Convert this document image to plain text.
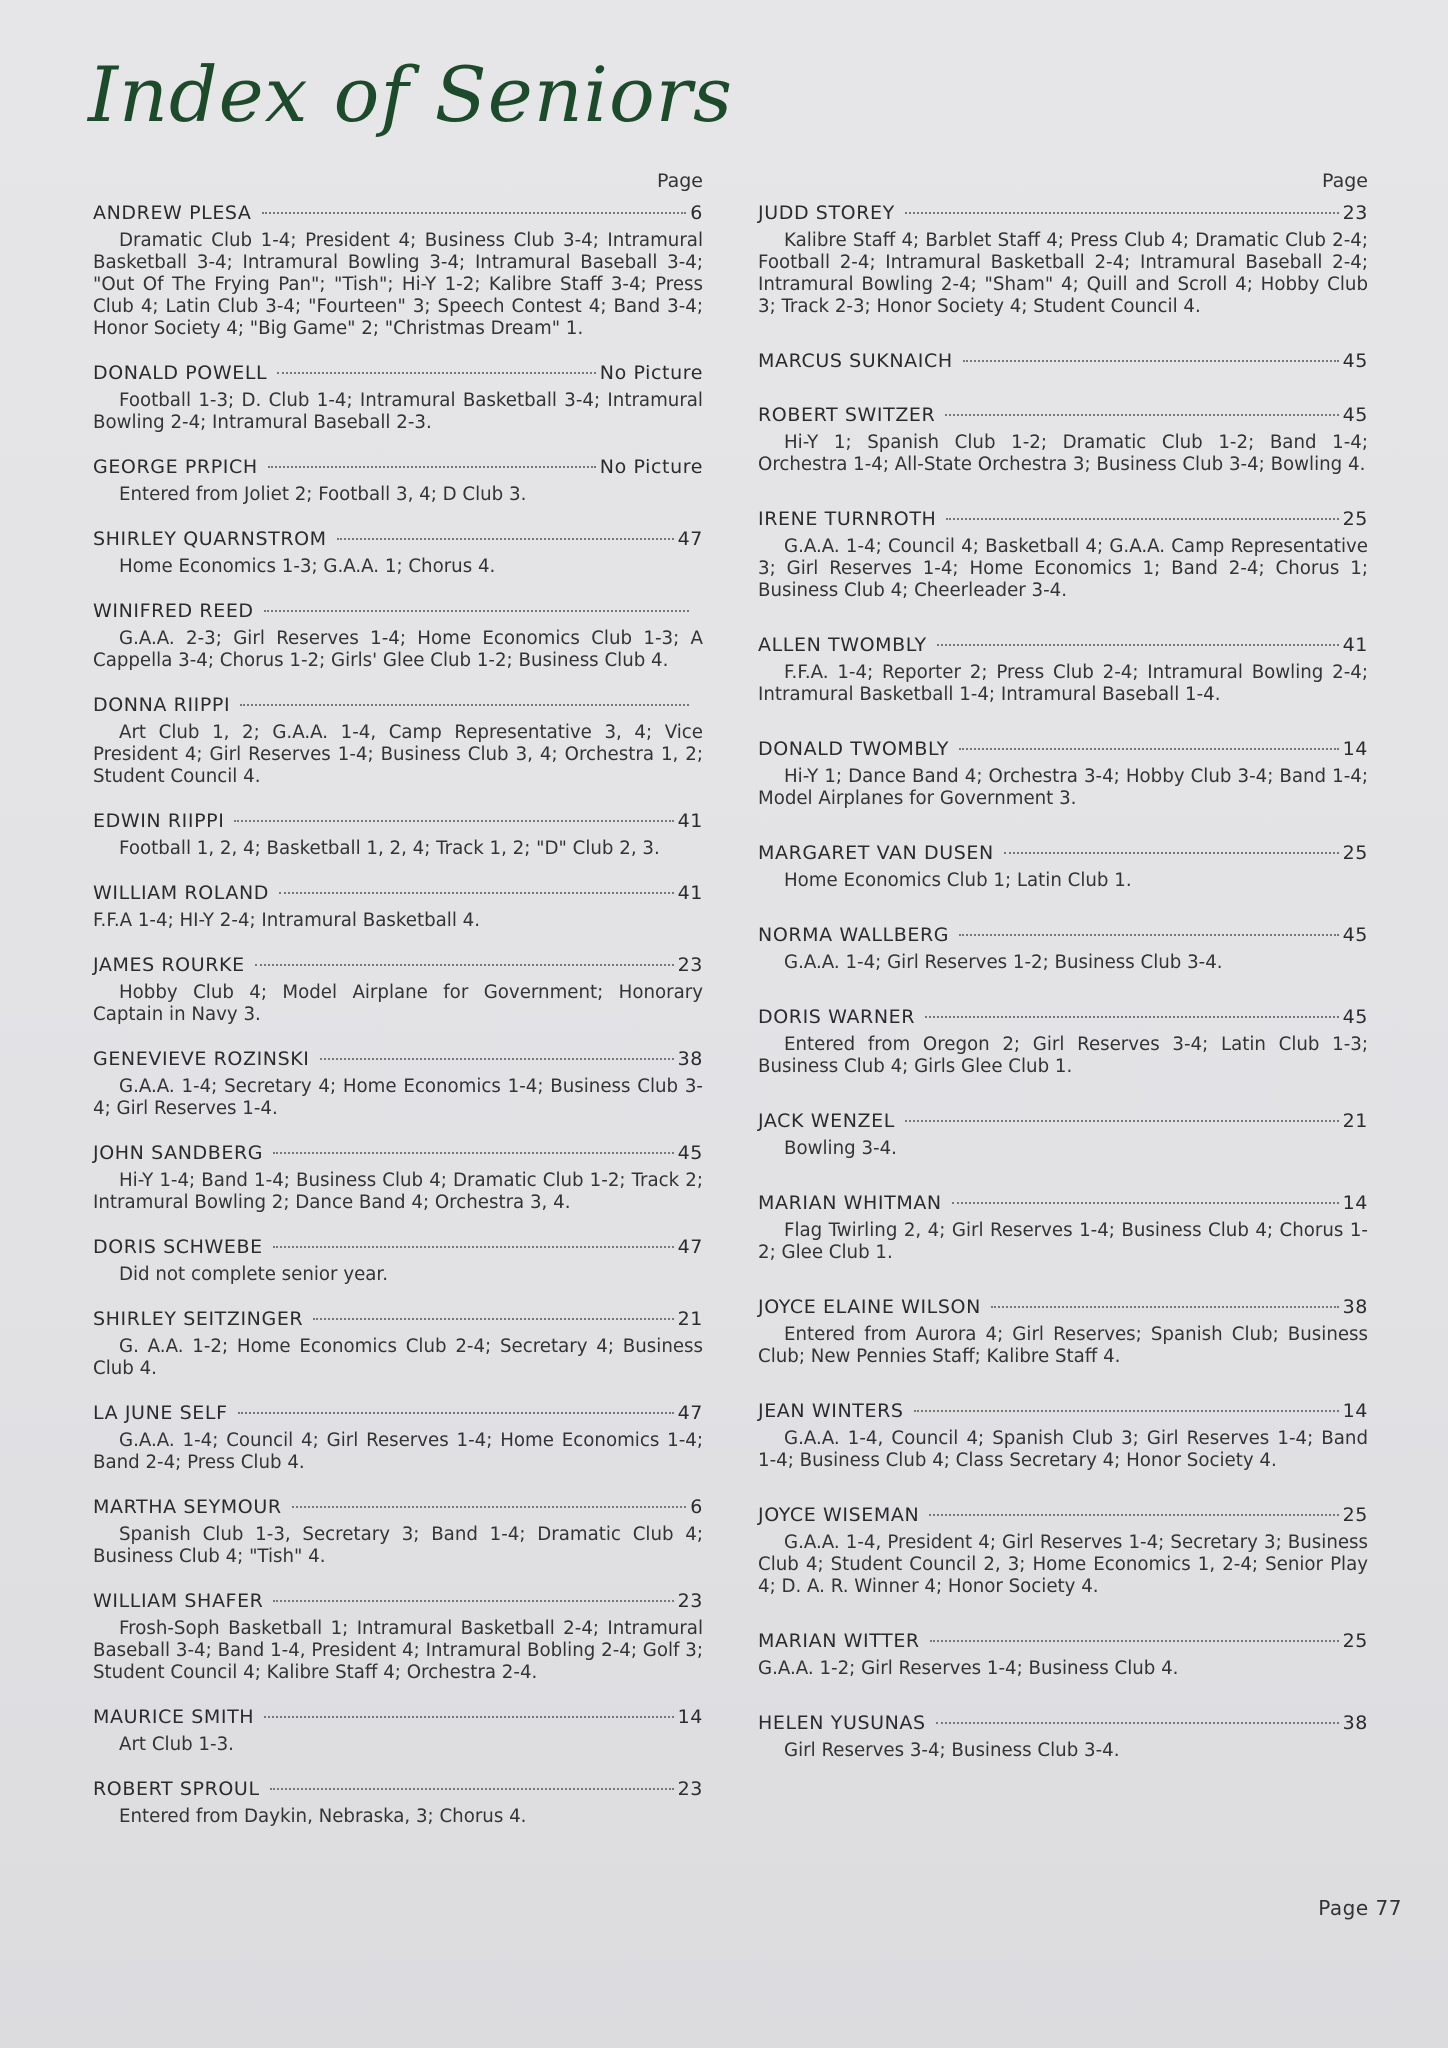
Index of Seniors
Page
ANDREW PLESA	6
Dramatic Club 1-4; President 4; Business Club 3-4; Intramural Basketball 3-4; Intramural Bowling 3-4; Intramural Baseball 3-4; "Out Of The Frying Pan"; "Tish"; Hi-Y 1-2; Kalibre Staff 3-4; Press Club 4; Latin Club 3-4; "Fourteen" 3; Speech Contest 4; Band 3-4; Honor Society 4; "Big Game" 2; "Christmas Dream" 1.
DONALD POWELL	No Picture
Football 1-3; D. Club 1-4; Intramural Basketball 3-4; Intramural Bowling 2-4; Intramural Baseball 2-3.
GEORGE PRPICH	No Picture
Entered from Joliet 2; Football 3, 4; D Club 3.
SHIRLEY QUARNSTROM	47
Home Economics 1-3; G.A.A. 1; Chorus 4.
WINIFRED REED
G.A.A. 2-3; Girl Reserves 1-4; Home Economics Club 1-3; A Cappella 3-4; Chorus 1-2; Girls' Glee Club 1-2; Business Club 4.
DONNA RIIPPI
Art Club 1, 2; G.A.A. 1-4, Camp Representative 3, 4; Vice President 4; Girl Reserves 1-4; Business Club 3, 4; Orchestra 1, 2; Student Council 4.
EDWIN RIIPPI	41
Football 1, 2, 4; Basketball 1, 2, 4; Track 1, 2; "D" Club 2, 3.
WILLIAM ROLAND	41
F.F.A 1-4; HI-Y 2-4; Intramural Basketball 4.
JAMES ROURKE	23
Hobby Club 4; Model Airplane for Government; Honorary Captain in Navy 3.
GENEVIEVE ROZINSKI	38
G.A.A. 1-4; Secretary 4; Home Economics 1-4; Business Club 3-4; Girl Reserves 1-4.
JOHN SANDBERG	45
Hi-Y 1-4; Band 1-4; Business Club 4; Dramatic Club 1-2; Track 2; Intramural Bowling 2; Dance Band 4; Orchestra 3, 4.
DORIS SCHWEBE	47
Did not complete senior year.
SHIRLEY SEITZINGER	21
G. A.A. 1-2; Home Economics Club 2-4; Secretary 4; Business Club 4.
LA JUNE SELF	47
G.A.A. 1-4; Council 4; Girl Reserves 1-4; Home Economics 1-4; Band 2-4; Press Club 4.
MARTHA SEYMOUR	6
Spanish Club 1-3, Secretary 3; Band 1-4; Dramatic Club 4; Business Club 4; "Tish" 4.
WILLIAM SHAFER	23
Frosh-Soph Basketball 1; Intramural Basketball 2-4; Intramural Baseball 3-4; Band 1-4, President 4; Intramural Bobling 2-4; Golf 3; Student Council 4; Kalibre Staff 4; Orchestra 2-4.
MAURICE SMITH	14
Art Club 1-3.
ROBERT SPROUL	23
Entered from Daykin, Nebraska, 3; Chorus 4.
Page
JUDD STOREY	23
Kalibre Staff 4; Barblet Staff 4; Press Club 4; Dramatic Club 2-4; Football 2-4; Intramural Basketball 2-4; Intramural Baseball 2-4; Intramural Bowling 2-4; "Sham" 4; Quill and Scroll 4; Hobby Club 3; Track 2-3; Honor Society 4; Student Council 4.
MARCUS SUKNAICH	45
ROBERT SWITZER	45
Hi-Y 1; Spanish Club 1-2; Dramatic Club 1-2; Band 1-4; Orchestra 1-4; All-State Orchestra 3; Business Club 3-4; Bowling 4.
IRENE TURNROTH	25
G.A.A. 1-4; Council 4; Basketball 4; G.A.A. Camp Representative 3; Girl Reserves 1-4; Home Economics 1; Band 2-4; Chorus 1; Business Club 4; Cheerleader 3-4.
ALLEN TWOMBLY	41
F.F.A. 1-4; Reporter 2; Press Club 2-4; Intramural Bowling 2-4; Intramural Basketball 1-4; Intramural Baseball 1-4.
DONALD TWOMBLY	14
Hi-Y 1; Dance Band 4; Orchestra 3-4; Hobby Club 3-4; Band 1-4; Model Airplanes for Government 3.
MARGARET VAN DUSEN	25
Home Economics Club 1; Latin Club 1.
NORMA WALLBERG	45
G.A.A. 1-4; Girl Reserves 1-2; Business Club 3-4.
DORIS WARNER	45
Entered from Oregon 2; Girl Reserves 3-4; Latin Club 1-3; Business Club 4; Girls Glee Club 1.
JACK WENZEL	21
Bowling 3-4.
MARIAN WHITMAN	14
Flag Twirling 2, 4; Girl Reserves 1-4; Business Club 4; Chorus 1-2; Glee Club 1.
JOYCE ELAINE WILSON	38
Entered from Aurora 4; Girl Reserves; Spanish Club; Business Club; New Pennies Staff; Kalibre Staff 4.
JEAN WINTERS	14
G.A.A. 1-4, Council 4; Spanish Club 3; Girl Reserves 1-4; Band 1-4; Business Club 4; Class Secretary 4; Honor Society 4.
JOYCE WISEMAN	25
G.A.A. 1-4, President 4; Girl Reserves 1-4; Secretary 3; Business Club 4; Student Council 2, 3; Home Economics 1, 2-4; Senior Play 4; D. A. R. Winner 4; Honor Society 4.
MARIAN WITTER	25
G.A.A. 1-2; Girl Reserves 1-4; Business Club 4.
HELEN YUSUNAS	38
Girl Reserves 3-4; Business Club 3-4.
Page 77
